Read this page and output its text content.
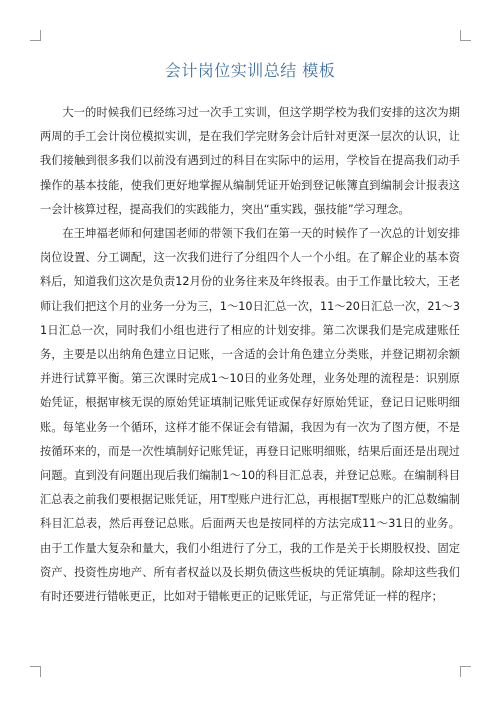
会计岗位实训总结 模板

大一的时候我们已经练习过一次手工实训，但这学期学校为我们安排的这次为期两周的手工会计岗位模拟实训，是在我们学完财务会计后针对更深一层次的认识，让我们接触到很多我们以前没有遇到过的科目在实际中的运用，学校旨在提高我们动手操作的基本技能，使我们更好地掌握从编制凭证开始到登记帐簿直到编制会计报表这一会计核算过程，提高我们的实践能力，突出“重实践，强技能”学习理念。

在王坤福老师和何建国老师的带领下我们在第一天的时候作了一次总的计划安排岗位设置、分工调配，这一次我们进行了分组四个人一个小组。在了解企业的基本资料后，知道我们这次是负责12月份的业务往来及年终报表。由于工作量比较大，王老师让我们把这个月的业务一分为三，1～10日汇总一次，11～20日汇总一次，21～31日汇总一次，同时我们小组也进行了相应的计划安排。第二次课我们是完成建账任务，主要是以出纳角色建立日记账，一含适的会计角色建立分类账，并登记期初余额并进行试算平衡。第三次课时完成1～10日的业务处理，业务处理的流程是：识别原始凭证，根据审核无误的原始凭证填制记账凭证或保存好原始凭证，登记日记账明细账。每笔业务一个循环，这样才能不保证会有错漏，我因为有一次为了图方便，不是按循环来的，而是一次性填制好记账凭证，再登日记账明细账，结果后面还是出现过问题。直到没有问题出现后我们编制1～10的科目汇总表，并登记总账。在编制科目汇总表之前我们要根据记账凭证，用T型账户进行汇总，再根据T型账户的汇总数编制科目汇总表，然后再登记总账。后面两天也是按同样的方法完成11～31日的业务。由于工作量大复杂和量大，我们小组进行了分工，我的工作是关于长期股权投、固定资产、投资性房地产、所有者权益以及长期负债这些板块的凭证填制。除却这些我们有时还要进行错帐更正，比如对于错帐更正的记账凭证，与正常凭证一样的程序；
